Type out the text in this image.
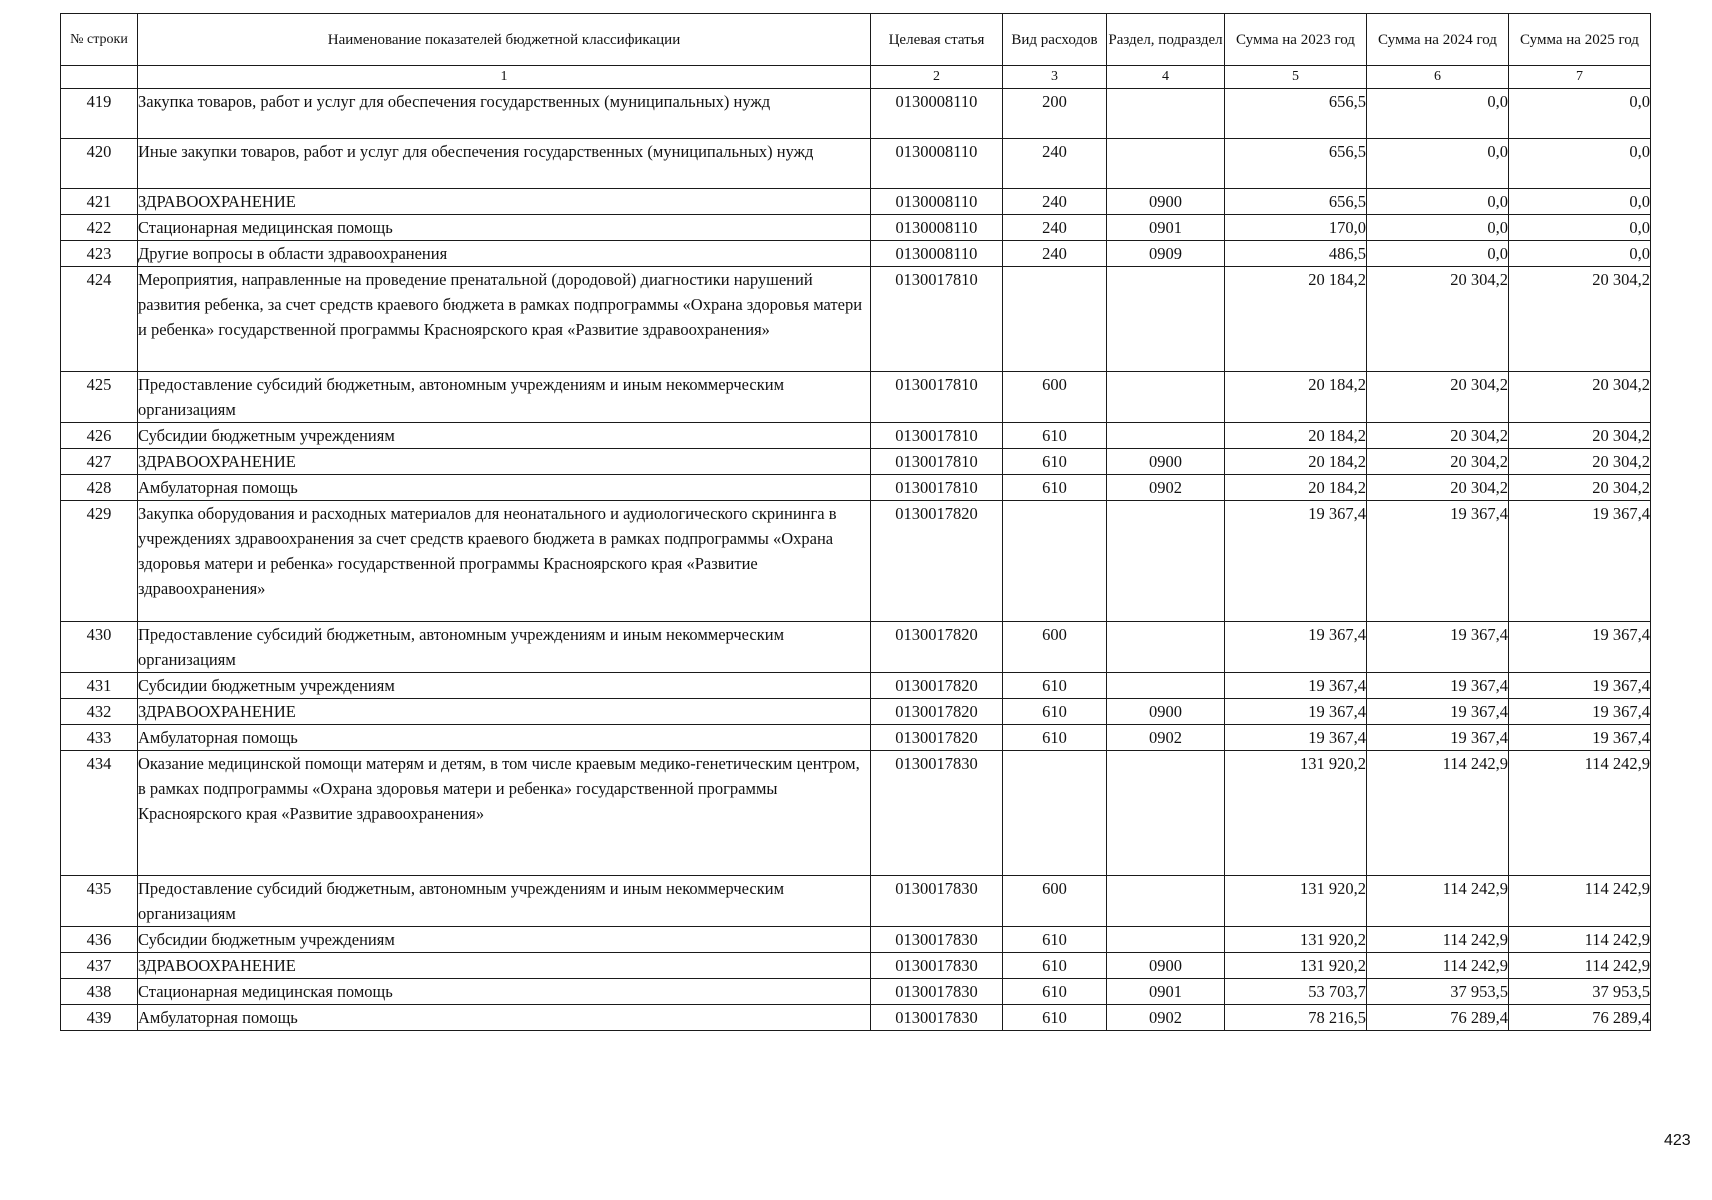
№ строки	Наименование показателей бюджетной классификации	Целевая статья	Вид расходов	Раздел, подраздел	Сумма на 2023 год	Сумма на 2024 год	Сумма на 2025 год
	1	2	3	4	5	6	7
419	Закупка товаров, работ и услуг для обеспечения государственных (муниципальных) нужд	0130008110	200		656,5	0,0	0,0
420	Иные закупки товаров, работ и услуг для обеспечения государственных (муниципальных) нужд	0130008110	240		656,5	0,0	0,0
421	ЗДРАВООХРАНЕНИЕ	0130008110	240	0900	656,5	0,0	0,0
422	Стационарная медицинская помощь	0130008110	240	0901	170,0	0,0	0,0
423	Другие вопросы в области здравоохранения	0130008110	240	0909	486,5	0,0	0,0
424	Мероприятия, направленные на проведение пренатальной (дородовой) диагностики нарушений развития ребенка, за счет средств краевого бюджета в рамках подпрограммы «Охрана здоровья матери и ребенка» государственной программы Красноярского края «Развитие здравоохранения»	0130017810			20 184,2	20 304,2	20 304,2
425	Предоставление субсидий бюджетным, автономным учреждениям и иным некоммерческим организациям	0130017810	600		20 184,2	20 304,2	20 304,2
426	Субсидии бюджетным учреждениям	0130017810	610		20 184,2	20 304,2	20 304,2
427	ЗДРАВООХРАНЕНИЕ	0130017810	610	0900	20 184,2	20 304,2	20 304,2
428	Амбулаторная помощь	0130017810	610	0902	20 184,2	20 304,2	20 304,2
429	Закупка оборудования и расходных материалов для неонатального и аудиологического скрининга в учреждениях здравоохранения за счет средств краевого бюджета в рамках подпрограммы «Охрана здоровья матери и ребенка» государственной программы Красноярского края «Развитие здравоохранения»	0130017820			19 367,4	19 367,4	19 367,4
430	Предоставление субсидий бюджетным, автономным учреждениям и иным некоммерческим организациям	0130017820	600		19 367,4	19 367,4	19 367,4
431	Субсидии бюджетным учреждениям	0130017820	610		19 367,4	19 367,4	19 367,4
432	ЗДРАВООХРАНЕНИЕ	0130017820	610	0900	19 367,4	19 367,4	19 367,4
433	Амбулаторная помощь	0130017820	610	0902	19 367,4	19 367,4	19 367,4
434	Оказание медицинской помощи матерям и детям, в том числе краевым медико-генетическим центром, в рамках подпрограммы «Охрана здоровья матери и ребенка» государственной программы Красноярского края «Развитие здравоохранения»	0130017830			131 920,2	114 242,9	114 242,9
435	Предоставление субсидий бюджетным, автономным учреждениям и иным некоммерческим организациям	0130017830	600		131 920,2	114 242,9	114 242,9
436	Субсидии бюджетным учреждениям	0130017830	610		131 920,2	114 242,9	114 242,9
437	ЗДРАВООХРАНЕНИЕ	0130017830	610	0900	131 920,2	114 242,9	114 242,9
438	Стационарная медицинская помощь	0130017830	610	0901	53 703,7	37 953,5	37 953,5
439	Амбулаторная помощь	0130017830	610	0902	78 216,5	76 289,4	76 289,4
423
